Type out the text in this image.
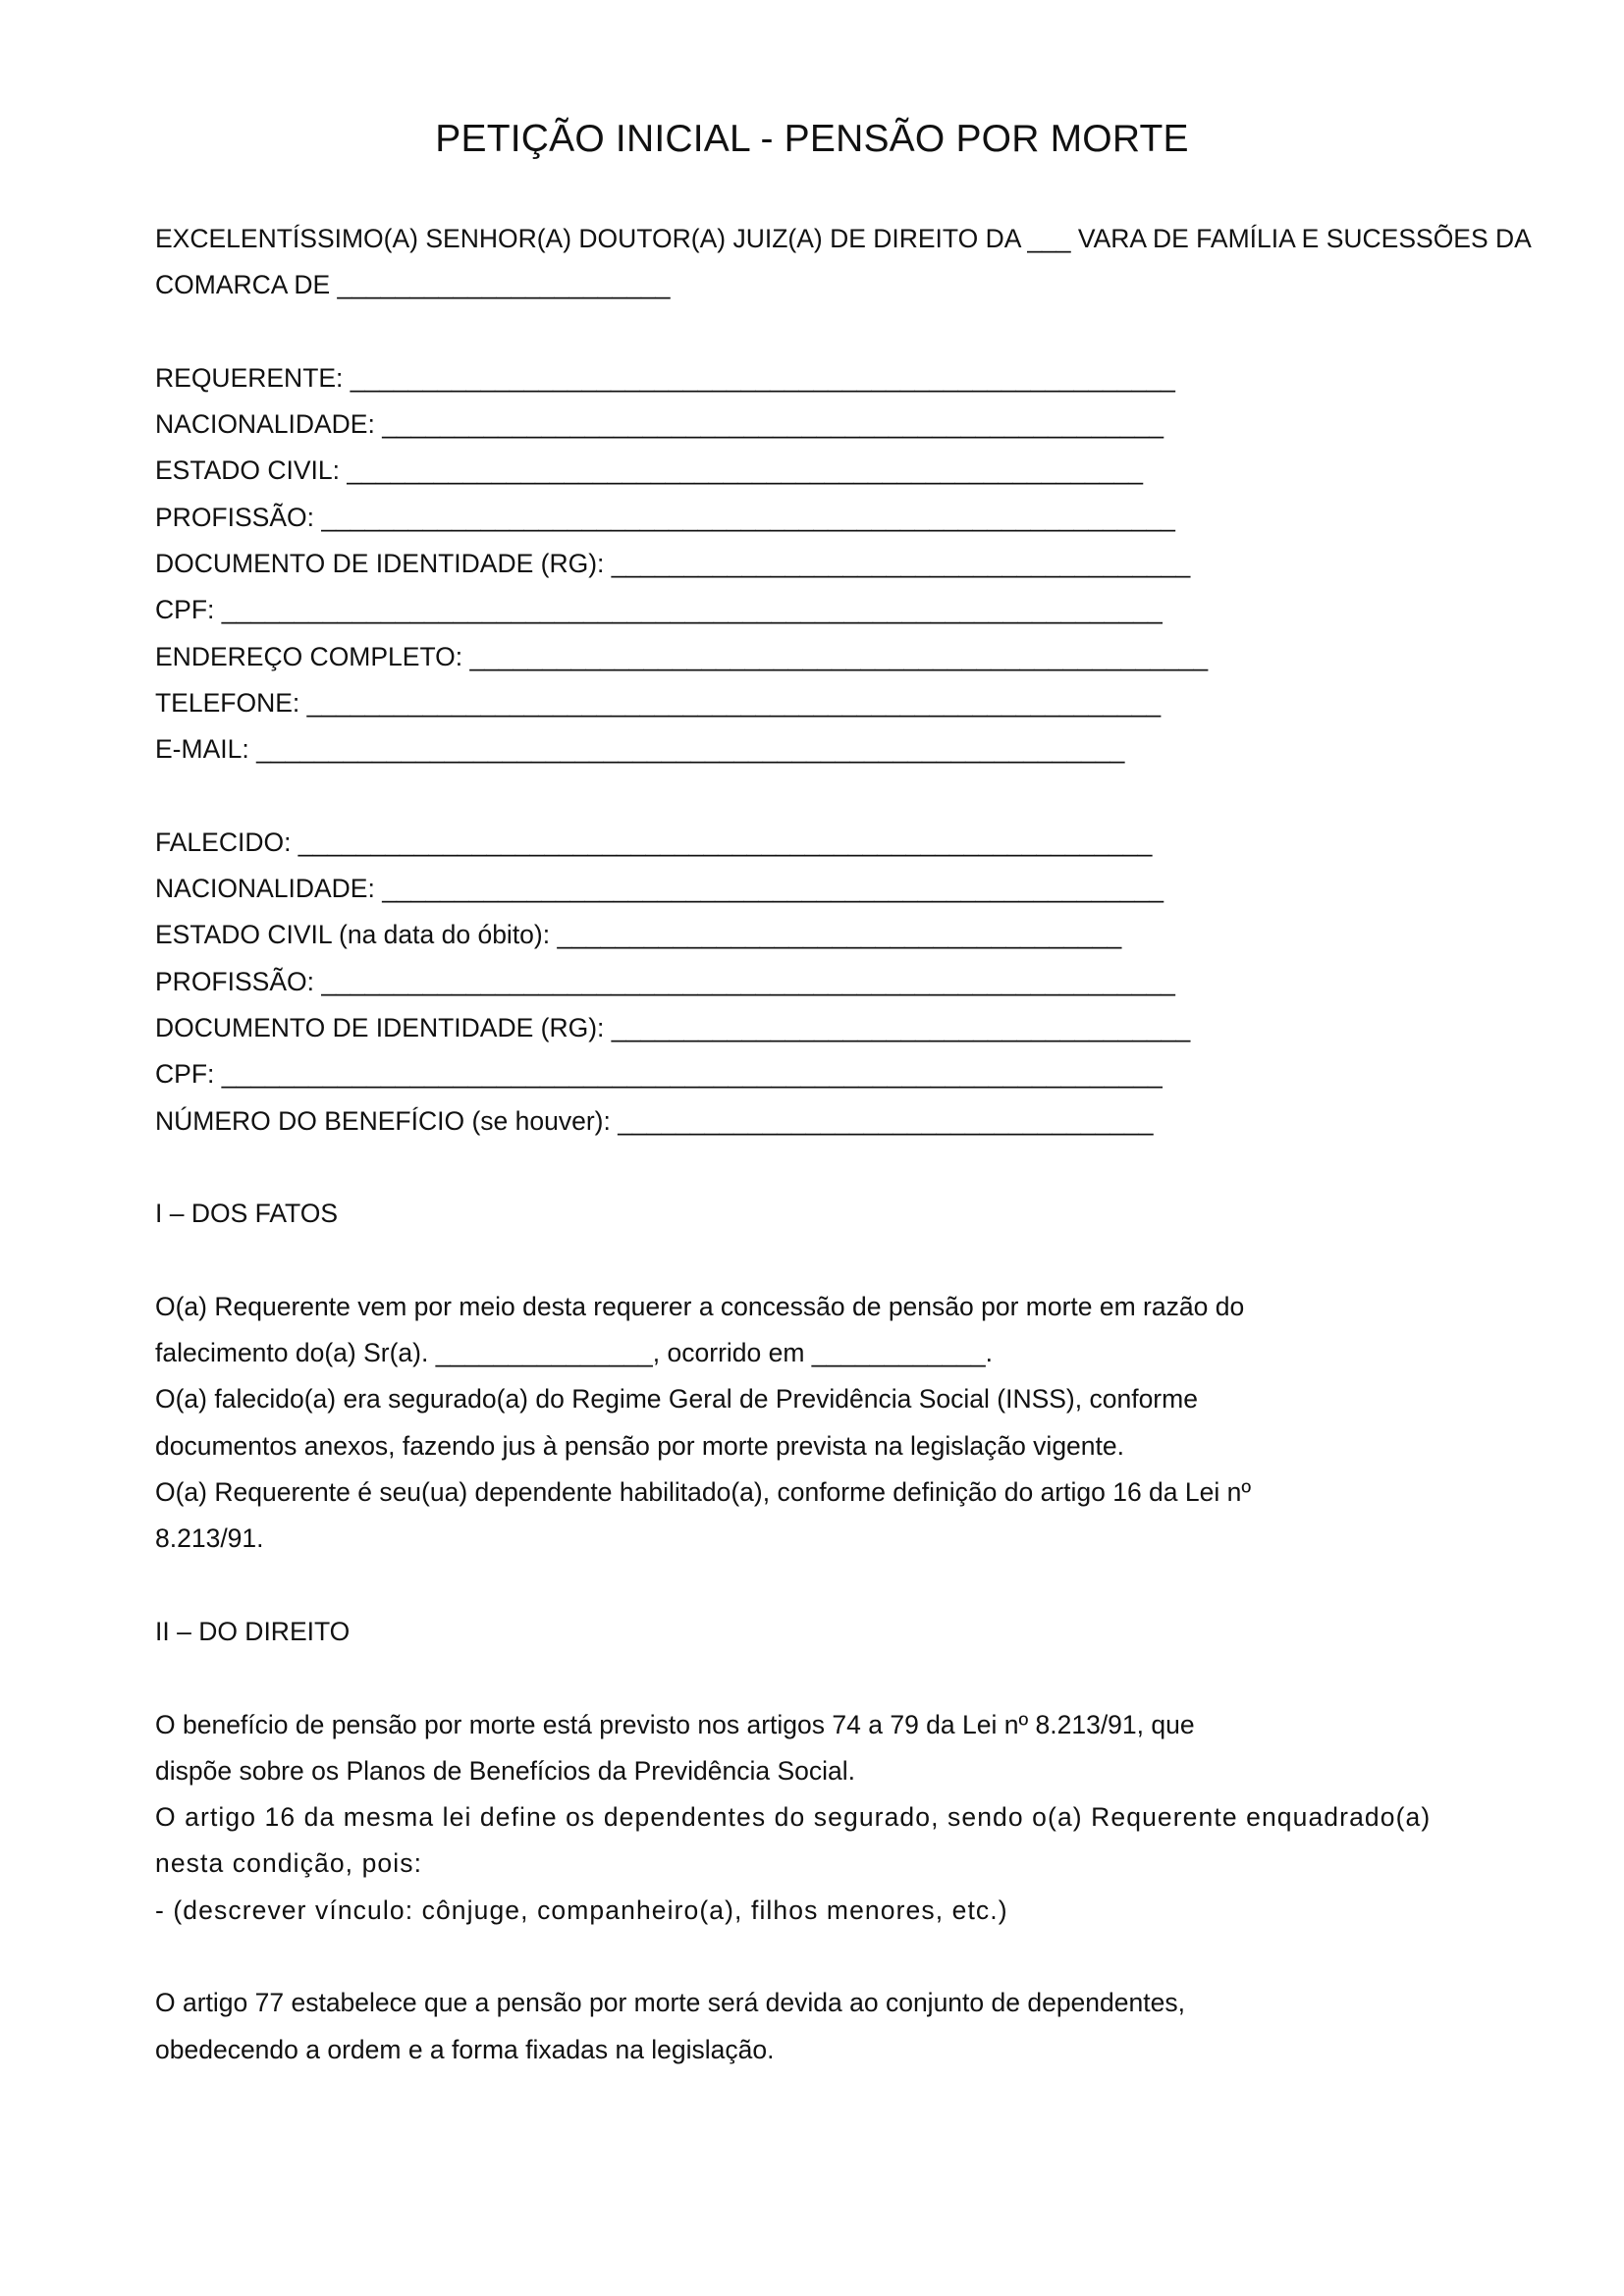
PETIÇÃO INICIAL - PENSÃO POR MORTE
EXCELENTÍSSIMO(A) SENHOR(A) DOUTOR(A) JUIZ(A) DE DIREITO DA ___ VARA DE FAMÍLIA E SUCESSÕES DA
COMARCA DE _______________________
REQUERENTE: _________________________________________________________
NACIONALIDADE: ______________________________________________________
ESTADO CIVIL: _______________________________________________________
PROFISSÃO: ___________________________________________________________
DOCUMENTO DE IDENTIDADE (RG): ________________________________________
CPF: _________________________________________________________________
ENDEREÇO COMPLETO: ___________________________________________________
TELEFONE: ___________________________________________________________
E-MAIL: ____________________________________________________________
FALECIDO: ___________________________________________________________
NACIONALIDADE: ______________________________________________________
ESTADO CIVIL (na data do óbito): _______________________________________
PROFISSÃO: ___________________________________________________________
DOCUMENTO DE IDENTIDADE (RG): ________________________________________
CPF: _________________________________________________________________
NÚMERO DO BENEFÍCIO (se houver): _____________________________________
I – DOS FATOS
O(a) Requerente vem por meio desta requerer a concessão de pensão por morte em razão do
falecimento do(a) Sr(a). _______________, ocorrido em ____________.
O(a) falecido(a) era segurado(a) do Regime Geral de Previdência Social (INSS), conforme
documentos anexos, fazendo jus à pensão por morte prevista na legislação vigente.
O(a) Requerente é seu(ua) dependente habilitado(a), conforme definição do artigo 16 da Lei nº
8.213/91.
II – DO DIREITO
O benefício de pensão por morte está previsto nos artigos 74 a 79 da Lei nº 8.213/91, que
dispõe sobre os Planos de Benefícios da Previdência Social.
O artigo 16 da mesma lei define os dependentes do segurado, sendo o(a) Requerente enquadrado(a)
nesta condição, pois:
- (descrever vínculo: cônjuge, companheiro(a), filhos menores, etc.)
O artigo 77 estabelece que a pensão por morte será devida ao conjunto de dependentes,
obedecendo a ordem e a forma fixadas na legislação.
